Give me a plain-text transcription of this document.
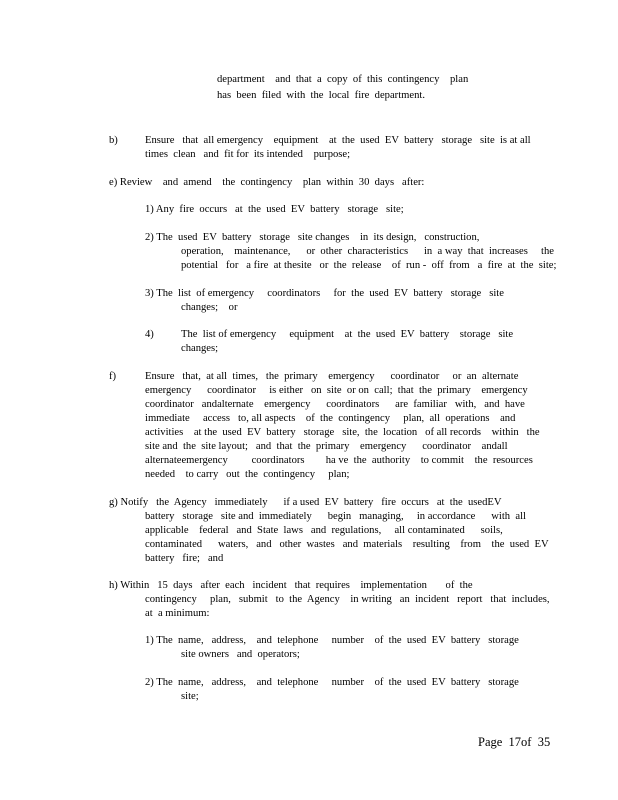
department    and  that  a  copy  of  this  contingency    plan
has  been  filed  with  the  local  fire  department.
b)	Ensure   that  all emergency    equipment    at  the  used  EV  battery   storage   site  is at all
times  clean   and  fit for  its intended    purpose;
e) Review    and  amend    the  contingency    plan  within  30  days   after:
1) Any  fire  occurs   at  the  used  EV  battery   storage   site;
2) The  used  EV  battery   storage   site changes    in  its design,   construction,
operation,    maintenance,      or  other  characteristics      in  a way  that  increases     the
potential   for   a fire  at thesite   or  the  release    of  run -  off  from   a  fire  at  the  site;
3) The  list  of emergency     coordinators     for  the  used  EV  battery   storage   site
changes;    or
4)	The  list of emergency     equipment    at  the  used  EV  battery    storage   site
changes;
f)	Ensure   that,  at all  times,   the  primary    emergency      coordinator     or  an  alternate
emergency      coordinator     is either   on  site  or on  call;  that  the  primary    emergency
coordinator   andalternate    emergency      coordinators      are  familiar   with,   and  have
immediate     access   to, all aspects    of  the  contingency     plan,  all  operations    and
activities    at the  used  EV  battery   storage   site,  the  location   of all records    within   the
site and  the  site layout;   and  that  the  primary    emergency      coordinator    andall
alternateemergency         coordinators        ha ve  the  authority    to commit    the  resources
needed    to carry   out  the  contingency     plan;
g) Notify   the  Agency   immediately      if a used  EV  battery   fire  occurs   at  the  usedEV
battery   storage   site and  immediately      begin   managing,     in accordance      with  all
applicable    federal   and  State  laws   and  regulations,     all contaminated      soils,
contaminated      waters,   and   other  wastes   and  materials    resulting    from    the  used  EV
battery   fire;   and
h) Within   15  days   after  each   incident   that  requires    implementation       of  the
contingency     plan,   submit   to  the  Agency    in writing   an  incident   report   that  includes,
at  a minimum:
1) The  name,   address,    and  telephone     number    of  the  used  EV  battery   storage
site owners   and  operators;
2) The  name,   address,    and  telephone     number    of  the  used  EV  battery   storage
site;
Page  17of  35
